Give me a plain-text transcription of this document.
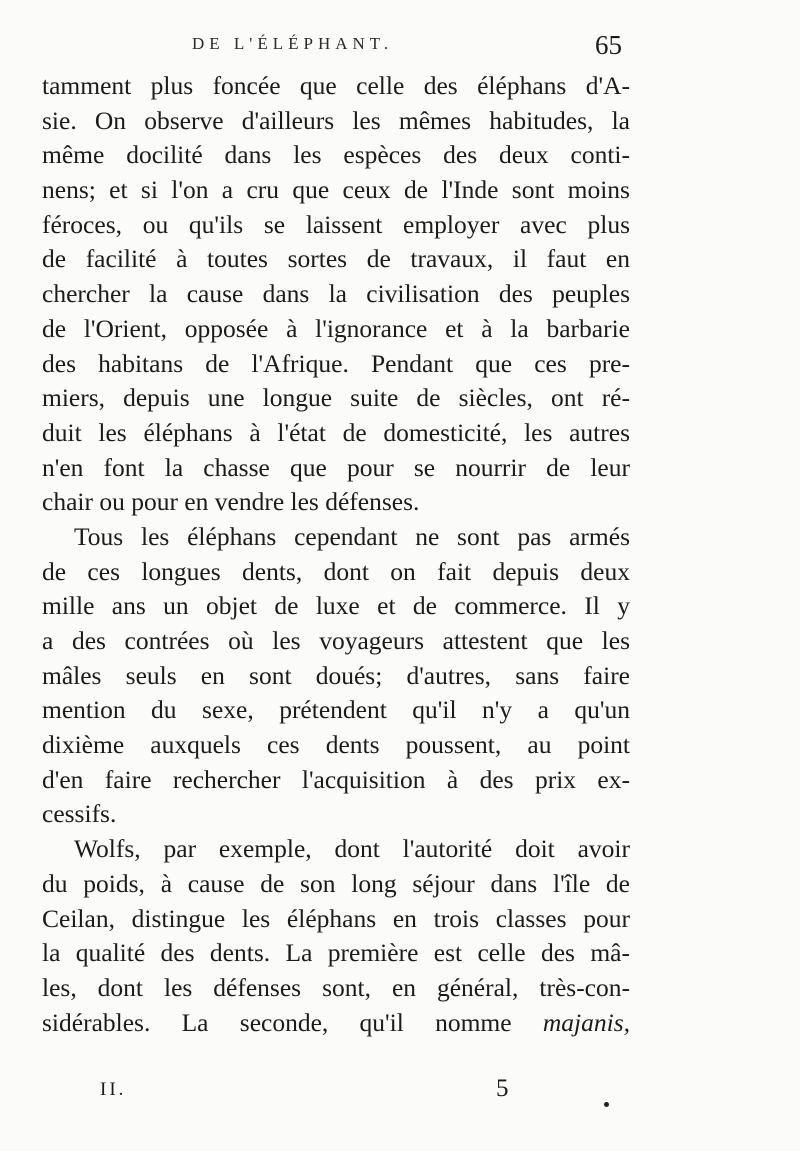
DE L'ÉLÉPHANT.	65
tamment plus foncée que celle des éléphans d'A-
sie. On observe d'ailleurs les mêmes habitudes, la
même docilité dans les espèces des deux conti-
nens; et si l'on a cru que ceux de l'Inde sont moins
féroces, ou qu'ils se laissent employer avec plus
de facilité à toutes sortes de travaux, il faut en
chercher la cause dans la civilisation des peuples
de l'Orient, opposée à l'ignorance et à la barbarie
des habitans de l'Afrique. Pendant que ces pre-
miers, depuis une longue suite de siècles, ont ré-
duit les éléphans à l'état de domesticité, les autres
n'en font la chasse que pour se nourrir de leur
chair ou pour en vendre les défenses.
Tous les éléphans cependant ne sont pas armés
de ces longues dents, dont on fait depuis deux
mille ans un objet de luxe et de commerce. Il y
a des contrées où les voyageurs attestent que les
mâles seuls en sont doués; d'autres, sans faire
mention du sexe, prétendent qu'il n'y a qu'un
dixième auxquels ces dents poussent, au point
d'en faire rechercher l'acquisition à des prix ex-
cessifs.
Wolfs, par exemple, dont l'autorité doit avoir
du poids, à cause de son long séjour dans l'île de
Ceilan, distingue les éléphans en trois classes pour
la qualité des dents. La première est celle des mâ-
les, dont les défenses sont, en général, très-con-
sidérables. La seconde, qu'il nomme majanis,
II.	5
